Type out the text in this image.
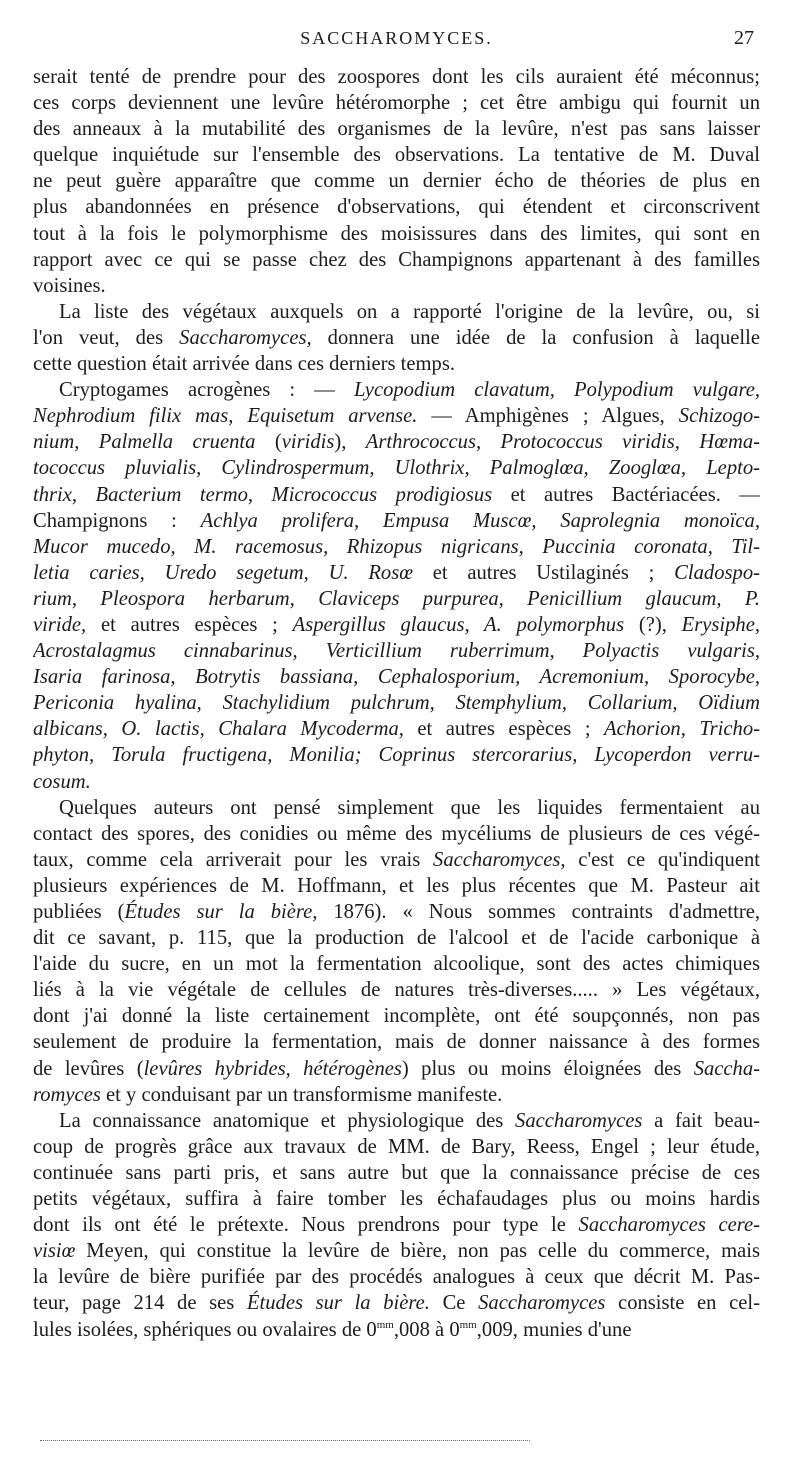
SACCHAROMYCES.	27
serait tenté de prendre pour des zoospores dont les cils auraient été méconnus;
ces corps deviennent une levûre hétéromorphe ; cet être ambigu qui fournit un
des anneaux à la mutabilité des organismes de la levûre, n'est pas sans laisser
quelque inquiétude sur l'ensemble des observations. La tentative de M. Duval
ne peut guère apparaître que comme un dernier écho de théories de plus en
plus abandonnées en présence d'observations, qui étendent et circonscrivent
tout à la fois le polymorphisme des moisissures dans des limites, qui sont en
rapport avec ce qui se passe chez des Champignons appartenant à des familles
voisines.
La liste des végétaux auxquels on a rapporté l'origine de la levûre, ou, si
l'on veut, des Saccharomyces, donnera une idée de la confusion à laquelle
cette question était arrivée dans ces derniers temps.
Cryptogames acrogènes : — Lycopodium clavatum, Polypodium vulgare,
Nephrodium filix mas, Equisetum arvense. — Amphigènes ; Algues, Schizogo-
nium, Palmella cruenta (viridis), Arthrococcus, Protococcus viridis, Hœma-
tococcus pluvialis, Cylindrospermum, Ulothrix, Palmoglœa, Zooglœa, Lepto-
thrix, Bacterium termo, Micrococcus prodigiosus et autres Bactériacées. —
Champignons : Achlya prolifera, Empusa Muscœ, Saprolegnia monoïca,
Mucor mucedo, M. racemosus, Rhizopus nigricans, Puccinia coronata, Til-
letia caries, Uredo segetum, U. Rosœ et autres Ustilaginés ; Cladospo-
rium, Pleospora herbarum, Claviceps purpurea, Penicillium glaucum, P.
viride, et autres espèces ; Aspergillus glaucus, A. polymorphus (?), Erysiphe,
Acrostalagmus cinnabarinus, Verticillium ruberrimum, Polyactis vulgaris,
Isaria farinosa, Botrytis bassiana, Cephalosporium, Acremonium, Sporocybe,
Periconia hyalina, Stachylidium pulchrum, Stemphylium, Collarium, Oïdium
albicans, O. lactis, Chalara Mycoderma, et autres espèces ; Achorion, Tricho-
phyton, Torula fructigena, Monilia; Coprinus stercorarius, Lycoperdon verru-
cosum.
Quelques auteurs ont pensé simplement que les liquides fermentaient au
contact des spores, des conidies ou même des mycéliums de plusieurs de ces végé-
taux, comme cela arriverait pour les vrais Saccharomyces, c'est ce qu'indiquent
plusieurs expériences de M. Hoffmann, et les plus récentes que M. Pasteur ait
publiées (Études sur la bière, 1876). « Nous sommes contraints d'admettre,
dit ce savant, p. 115, que la production de l'alcool et de l'acide carbonique à
l'aide du sucre, en un mot la fermentation alcoolique, sont des actes chimiques
liés à la vie végétale de cellules de natures très-diverses..... » Les végétaux,
dont j'ai donné la liste certainement incomplète, ont été soupçonnés, non pas
seulement de produire la fermentation, mais de donner naissance à des formes
de levûres (levûres hybrides, hétérogènes) plus ou moins éloignées des Saccha-
romyces et y conduisant par un transformisme manifeste.
La connaissance anatomique et physiologique des Saccharomyces a fait beau-
coup de progrès grâce aux travaux de MM. de Bary, Reess, Engel ; leur étude,
continuée sans parti pris, et sans autre but que la connaissance précise de ces
petits végétaux, suffira à faire tomber les échafaudages plus ou moins hardis
dont ils ont été le prétexte. Nous prendrons pour type le Saccharomyces cere-
visiœ Meyen, qui constitue la levûre de bière, non pas celle du commerce, mais
la levûre de bière purifiée par des procédés analogues à ceux que décrit M. Pas-
teur, page 214 de ses Études sur la bière. Ce Saccharomyces consiste en cel-
lules isolées, sphériques ou ovalaires de $0^{mm},008$ à $0^{mm},009$, munies d'une
